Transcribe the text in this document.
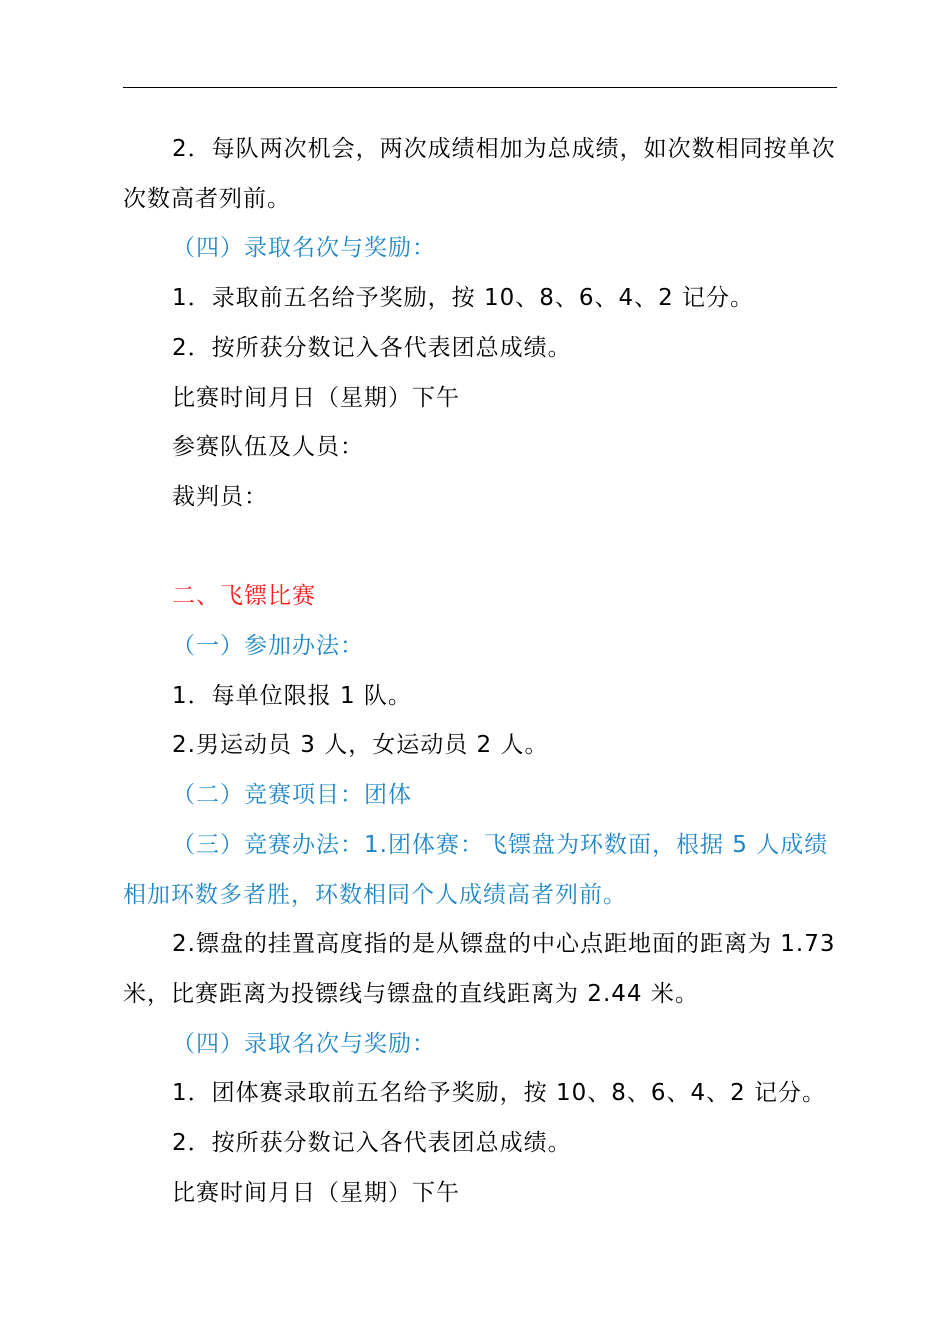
2．每队两次机会，两次成绩相加为总成绩，如次数相同按单次次数高者列前。

（四）录取名次与奖励：

1．录取前五名给予奖励，按 10、8、6、4、2 记分。

2．按所获分数记入各代表团总成绩。

比赛时间月日（星期）下午

参赛队伍及人员：

裁判员：

二、飞镖比赛

（一）参加办法：

1．每单位限报 1 队。

2.男运动员 3 人，女运动员 2 人。

（二）竞赛项目：团体

（三）竞赛办法：1.团体赛：飞镖盘为环数面，根据 5 人成绩相加环数多者胜，环数相同个人成绩高者列前。

2.镖盘的挂置高度指的是从镖盘的中心点距地面的距离为 1.73 米，比赛距离为投镖线与镖盘的直线距离为 2.44 米。

（四）录取名次与奖励：

1．团体赛录取前五名给予奖励，按 10、8、6、4、2 记分。

2．按所获分数记入各代表团总成绩。

比赛时间月日（星期）下午
